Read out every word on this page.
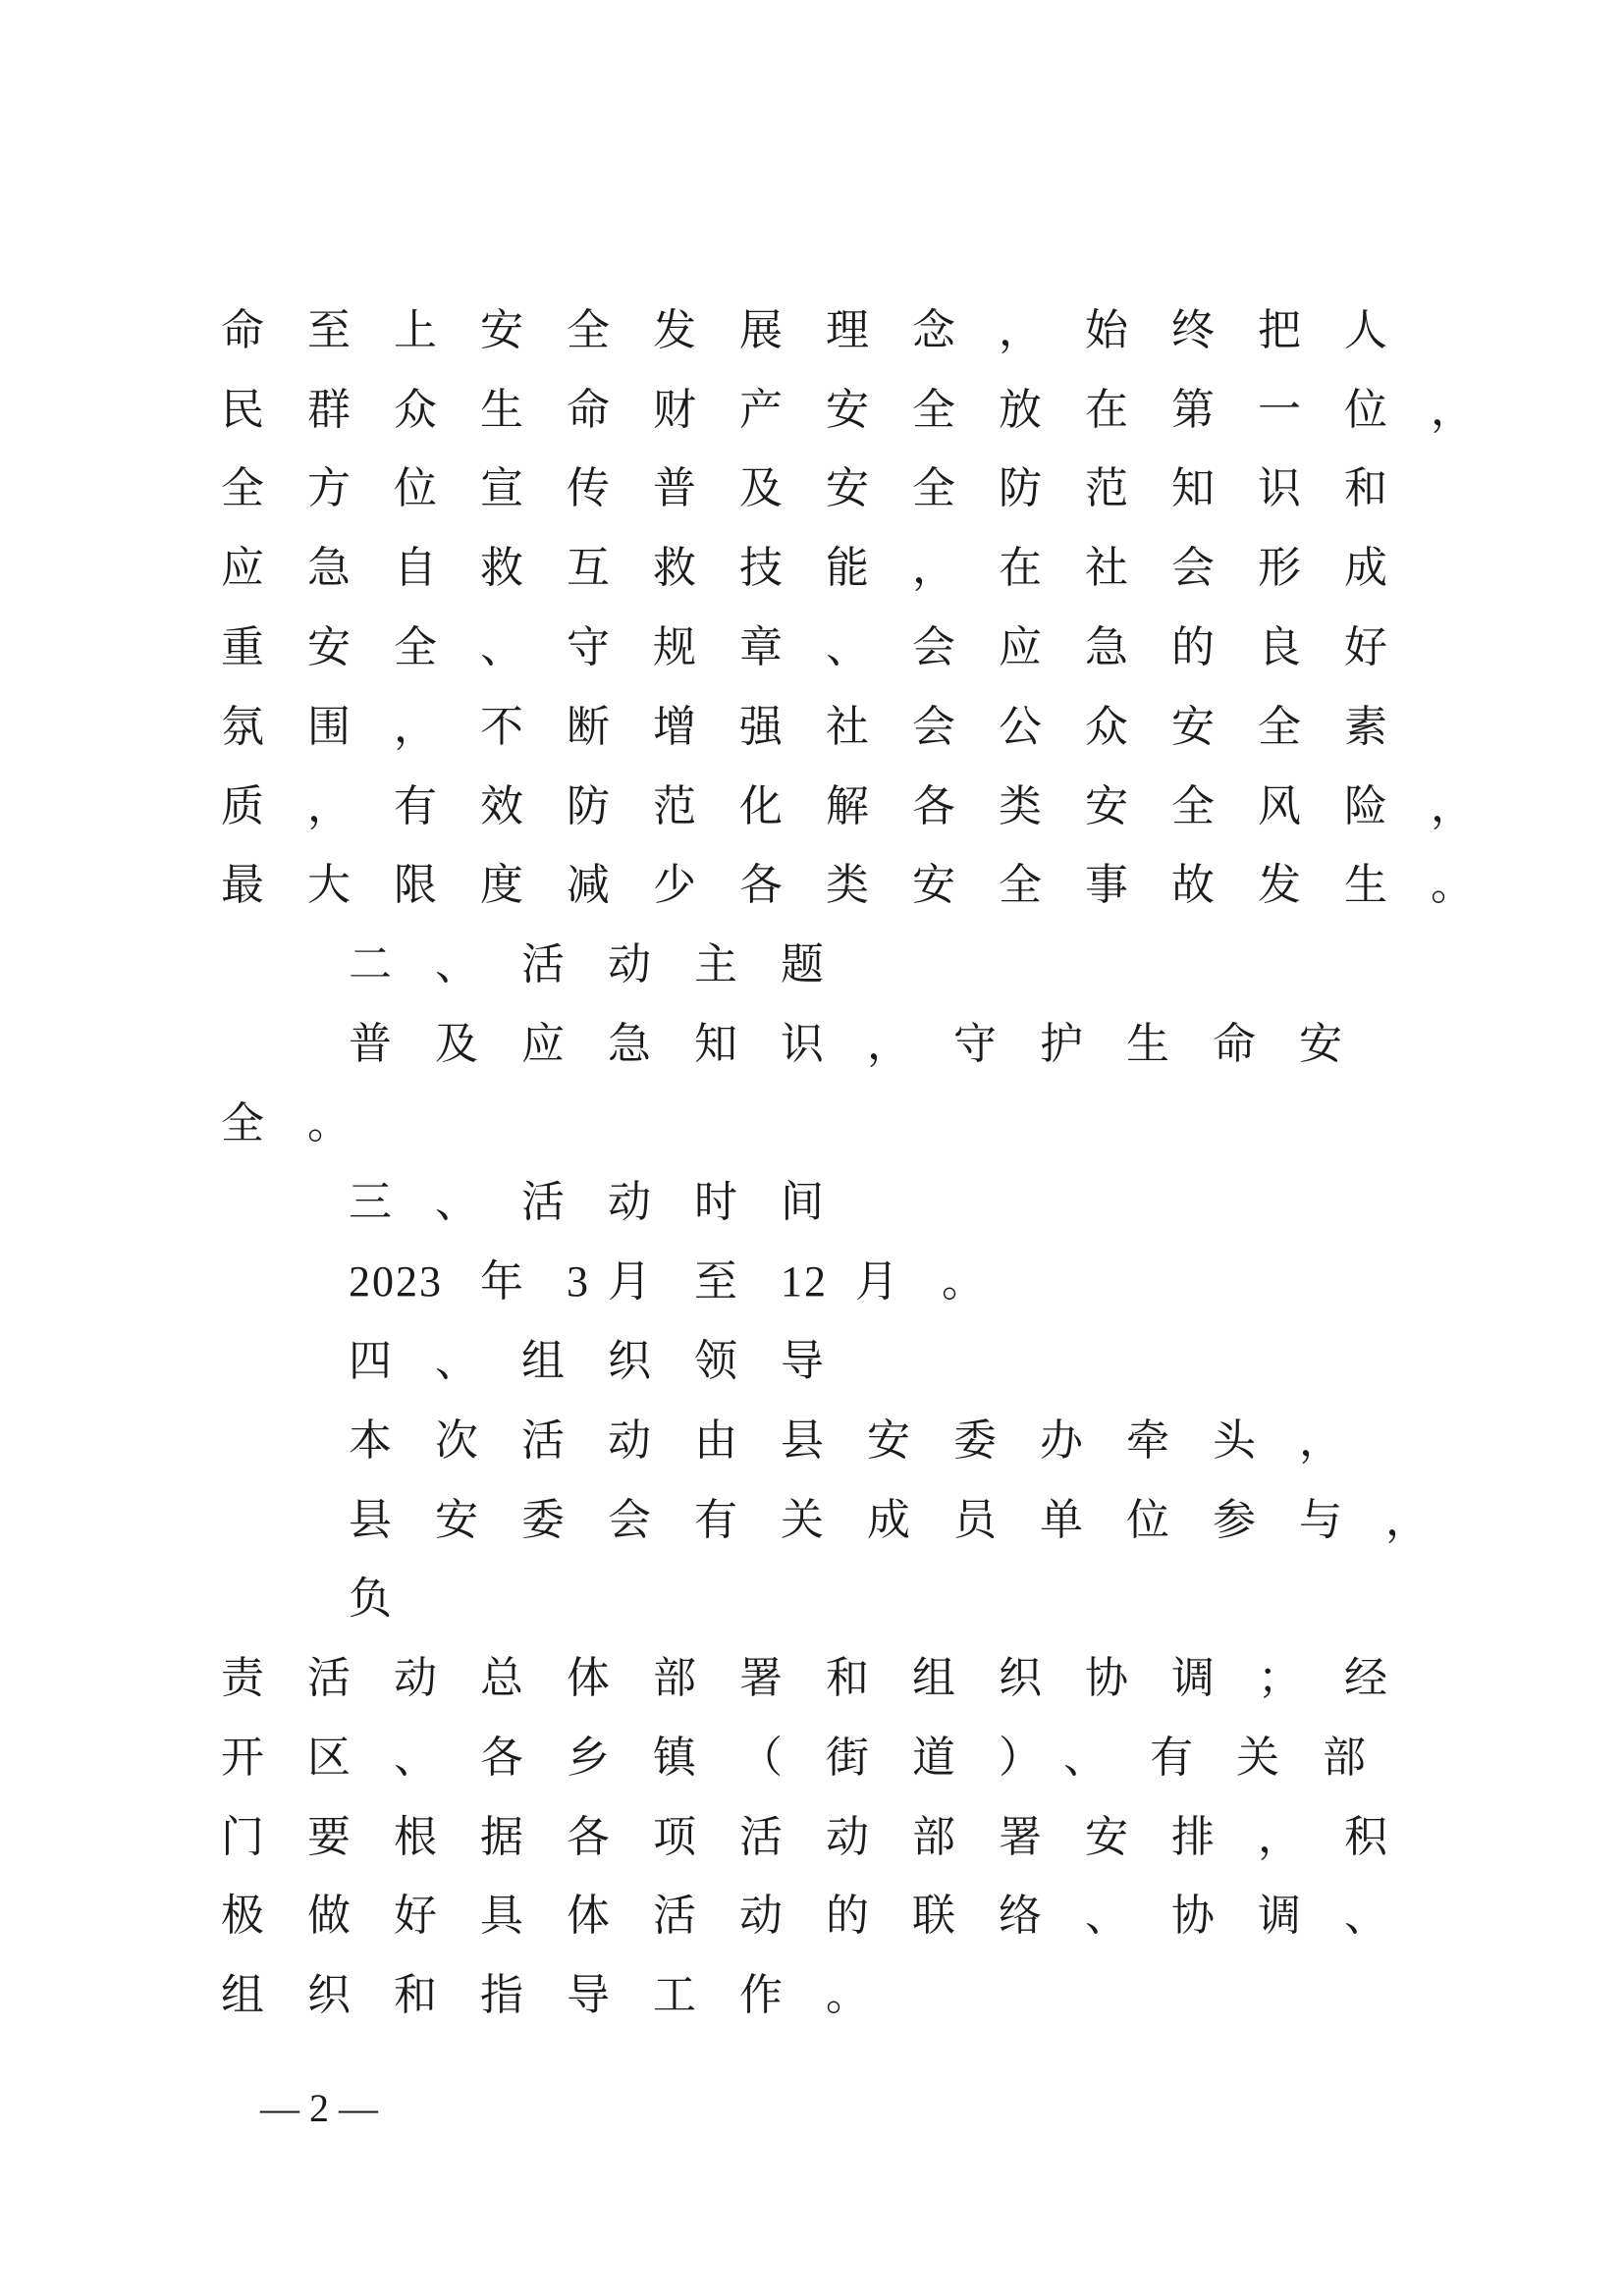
命至上安全发展理念，始终把人

民群众生命财产安全放在第一位，

全方位宣传普及安全防范知识和

应急自救互救技能，在社会形成

重安全、守规章、会应急的良好

氛围，不断增强社会公众安全素

质，有效防范化解各类安全风险，

最大限度减少各类安全事故发生。

二、活动主题

普及应急知识，守护生命安

全。

三、活动时间

2023 年3 月至12 月。

四、组织领导

本次活动由县安委办牵头，

县安委会有关成员单位参与，

负

责活动总体部署和组织协调；经

开区、各乡镇（街道）、有关部

门要根据各项活动部署安排，积

极做好具体活动的联络、协调、

组织和指导工作。

— 2 —
